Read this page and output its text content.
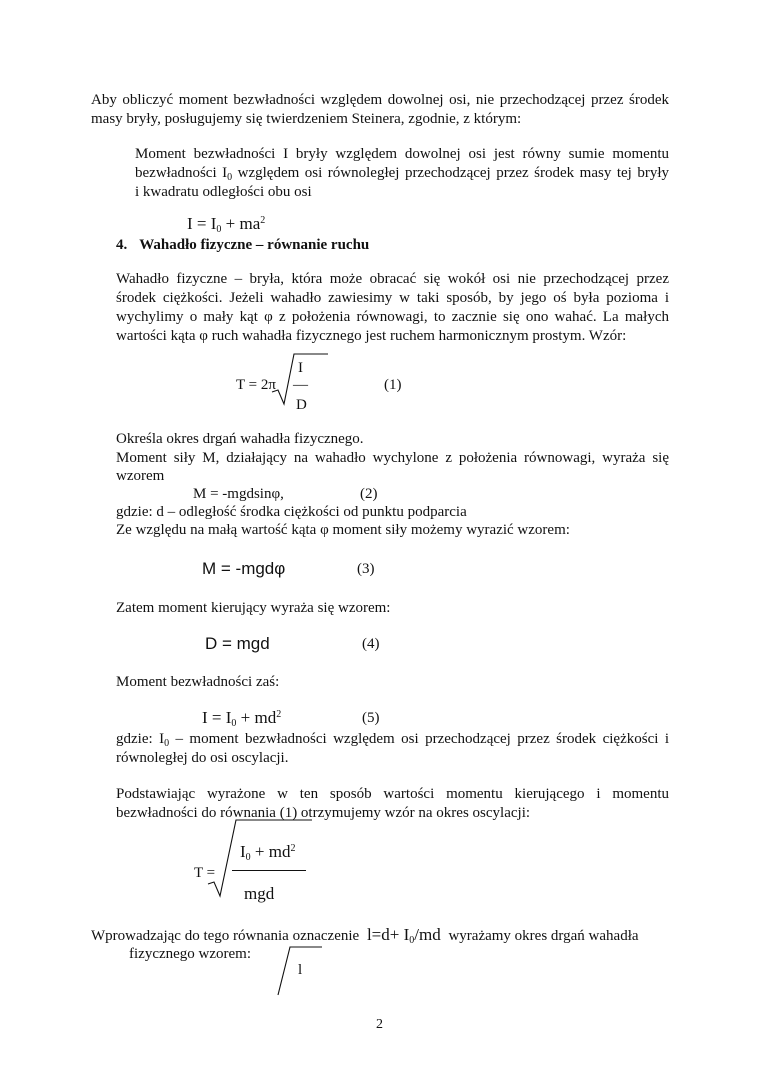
Aby obliczyć moment bezwładności względem dowolnej osi, nie przechodzącej przez środek
masy bryły, posługujemy się twierdzeniem Steinera, zgodnie, z którym:
Moment bezwładności I bryły względem dowolnej osi jest równy sumie momentu
bezwładności $I_0$ względem osi równoległej przechodzącej przez środek masy tej bryły
i kwadratu odległości obu osi
$I = I_0 + ma^2$
4. Wahadło fizyczne – równanie ruchu
Wahadło fizyczne – bryła, która może obracać się wokół osi nie przechodzącej przez
środek ciężkości. Jeżeli wahadło zawiesimy w taki sposób, by jego oś była pozioma i
wychylimy o mały kąt φ z położenia równowagi, to zacznie się ono wahać. La małych
wartości kąta φ ruch wahadła fizycznego jest ruchem harmonicznym prostym. Wzór:
T = 2π
I
—
D
(1)
Określa okres drgań wahadła fizycznego.
Moment siły M, działający na wahadło wychylone z położenia równowagi, wyraża się
wzorem
M = -mgdsinφ,	(2)
gdzie: d – odległość środka ciężkości od punktu podparcia
Ze względu na małą wartość kąta φ moment siły możemy wyrazić wzorem:
M = -mgdφ	(3)
Zatem moment kierujący wyraża się wzorem:
D = mgd	(4)
Moment bezwładności zaś:
$I = I_0 + md^2$	(5)
gdzie: $I_0$ – moment bezwładności względem osi przechodzącej przez środek ciężkości i
równoległej do osi oscylacji.
Podstawiając wyrażone w ten sposób wartości momentu kierującego i momentu
bezwładności do równania (1) otrzymujemy wzór na okres oscylacji:
T =
$I_0 + md^2$
mgd
Wprowadzając do tego równania oznaczenie $l=d+ I_0/md$ wyrażamy okres drgań wahadła
fizycznego wzorem:
l
2
